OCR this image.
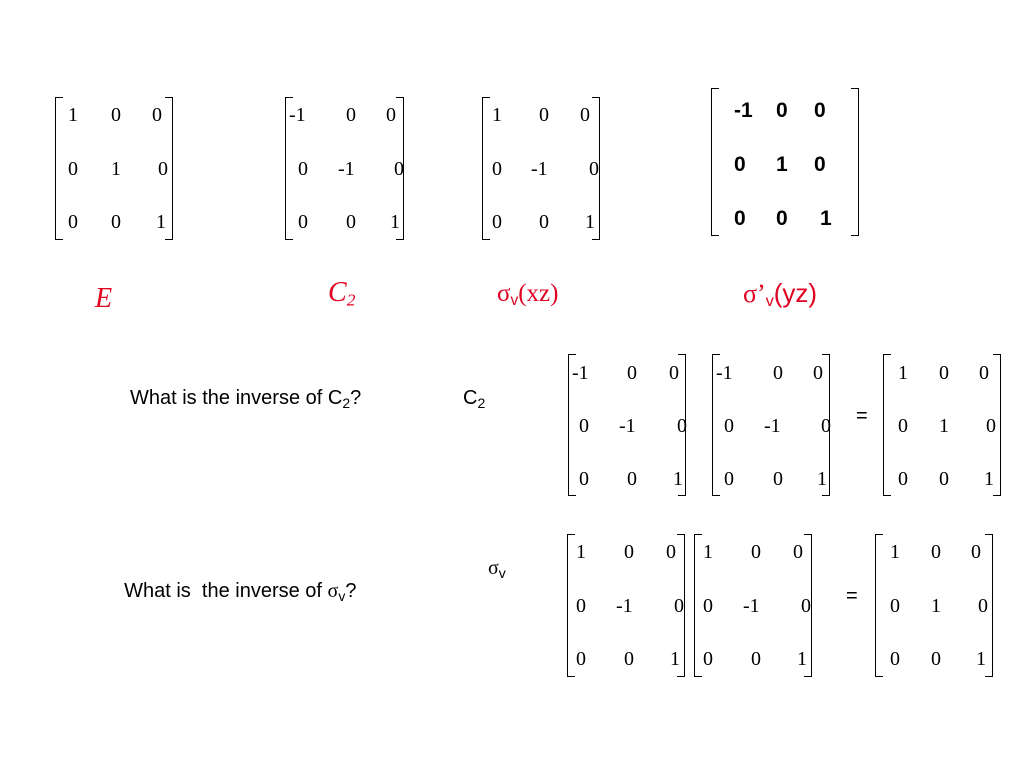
1 0 0
0 1 0
0 0 1
-1 0 0
0 -1 0
0 0 1
1 0 0
0 -1 0
0 0 1
-1 0 0
0 1 0
0 0 1
E	$C_2$	$\sigma_v(xz)$	$\sigma’_v(yz)$
What is the inverse of $C_2$?	$C_2$
-1 0 0
0 -1 0
0 0 1
-1 0 0
0 -1 0
0 0 1
=
1 0 0
0 1 0
0 0 1

What is  the inverse of $\sigma_v$?

$\sigma_v$
1 0 0
0 -1 0
0 0 1
1 0 0
0 -1 0
0 0 1
=
1 0 0
0 1 0
0 0 1
